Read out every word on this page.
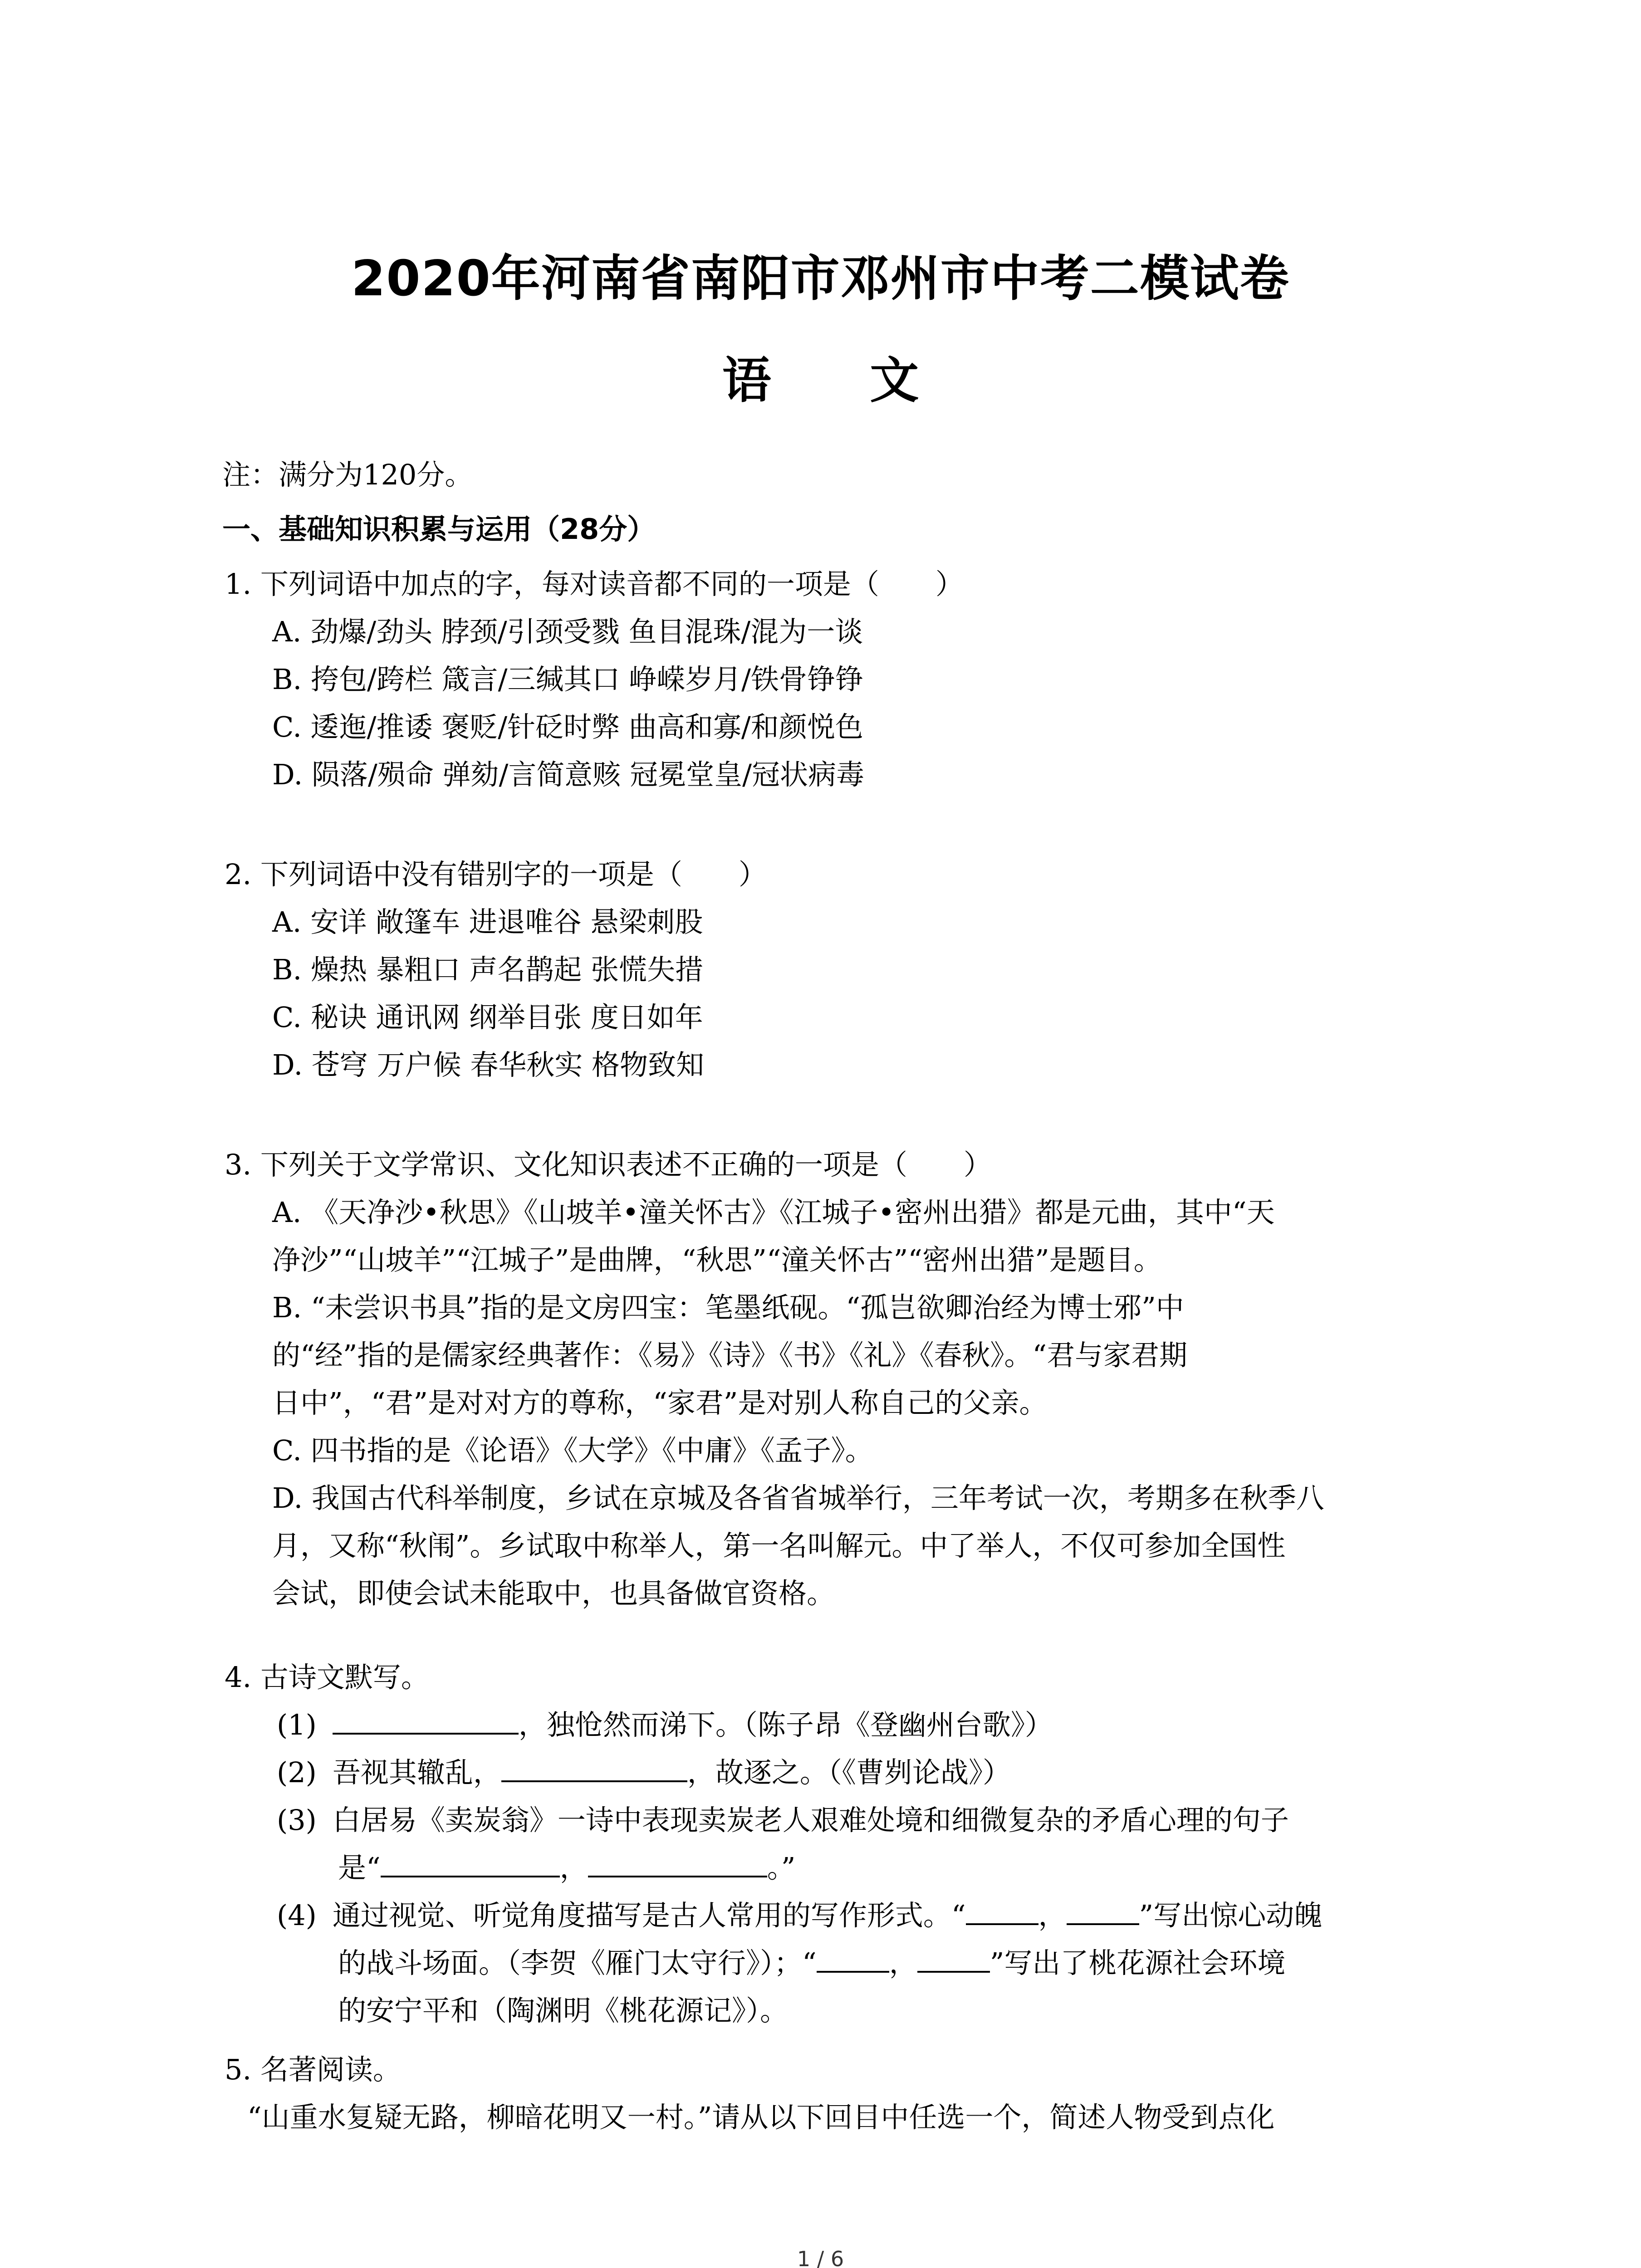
2020年河南省南阳市邓州市中考二模试卷
语 文
注：满分为120分。
一、基础知识积累与运用（28分）
1. 下列词语中加点的字，每对读音都不同的一项是（　　）
A. 劲爆/劲头 脖颈/引颈受戮 鱼目混珠/混为一谈
B. 挎包/跨栏 箴言/三缄其口 峥嵘岁月/铁骨铮铮
C. 逶迤/推诿 褒贬/针砭时弊 曲高和寡/和颜悦色
D. 陨落/殒命 弹劾/言简意赅 冠冕堂皇/冠状病毒
2. 下列词语中没有错别字的一项是（　　）
A. 安详 敞篷车 进退唯谷 悬梁刺股
B. 燥热 暴粗口 声名鹊起 张慌失措
C. 秘诀 通讯网 纲举目张 度日如年
D. 苍穹 万户候 春华秋实 格物致知
3. 下列关于文学常识、文化知识表述不正确的一项是（　　）
A. 《天净沙•秋思》《山坡羊•潼关怀古》《江城子•密州出猎》都是元曲，其中“天
净沙”“山坡羊”“江城子”是曲牌，“秋思”“潼关怀古”“密州出猎”是题目。
B. “未尝识书具”指的是文房四宝：笔墨纸砚。“孤岂欲卿治经为博士邪”中
的“经”指的是儒家经典著作：《易》《诗》《书》《礼》《春秋》。“君与家君期
日中”，“君”是对对方的尊称，“家君”是对别人称自己的父亲。
C. 四书指的是《论语》《大学》《中庸》《孟子》。
D. 我国古代科举制度，乡试在京城及各省省城举行，三年考试一次，考期多在秋季八
月，又称“秋闱”。乡试取中称举人，第一名叫解元。中了举人，不仅可参加全国性
会试，即使会试未能取中，也具备做官资格。
4. 古诗文默写。
(1)	，独怆然而涕下。（陈子昂《登幽州台歌》）
(2) 吾视其辙乱，	，故逐之。（《曹刿论战》）
(3) 白居易《卖炭翁》一诗中表现卖炭老人艰难处境和细微复杂的矛盾心理的句子
是“	，	。”
(4) 通过视觉、听觉角度描写是古人常用的写作形式。“	，	”写出惊心动魄
的战斗场面。（李贺《雁门太守行》）；“	，	”写出了桃花源社会环境
的安宁平和（陶渊明《桃花源记》）。
5. 名著阅读。
“山重水复疑无路，柳暗花明又一村。”请从以下回目中任选一个，简述人物受到点化
1 / 6
